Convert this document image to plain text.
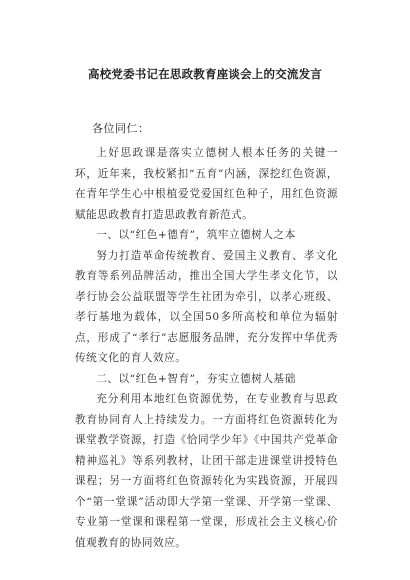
高校党委书记在思政教育座谈会上的交流发言

各位同仁：

上好思政课是落实立德树人根本任务的关键一环，近年来，我校紧扣“五育”内涵，深挖红色资源，在青年学生心中根植爱党爱国红色种子，用红色资源赋能思政教育打造思政教育新范式。

一、以“红色+德育”，筑牢立德树人之本

努力打造革命传统教育、爱国主义教育、孝文化教育等系列品牌活动，推出全国大学生孝文化节，以孝行协会公益联盟等学生社团为牵引，以孝心班级、孝行基地为载体，以全国50多所高校和单位为辐射点，形成了“孝行”志愿服务品牌，充分发挥中华优秀传统文化的育人效应。

二、以“红色+智育”，夯实立德树人基础

充分利用本地红色资源优势，在专业教育与思政教育协同育人上持续发力。一方面将红色资源转化为课堂教学资源，打造《恰同学少年》《中国共产党革命精神巡礼》等系列教材，让团干部走进课堂讲授特色课程；另一方面将红色资源转化为实践资源，开展四个“第一堂课”活动即大学第一堂课、开学第一堂课、专业第一堂课和课程第一堂课，形成社会主义核心价值观教育的协同效应。
